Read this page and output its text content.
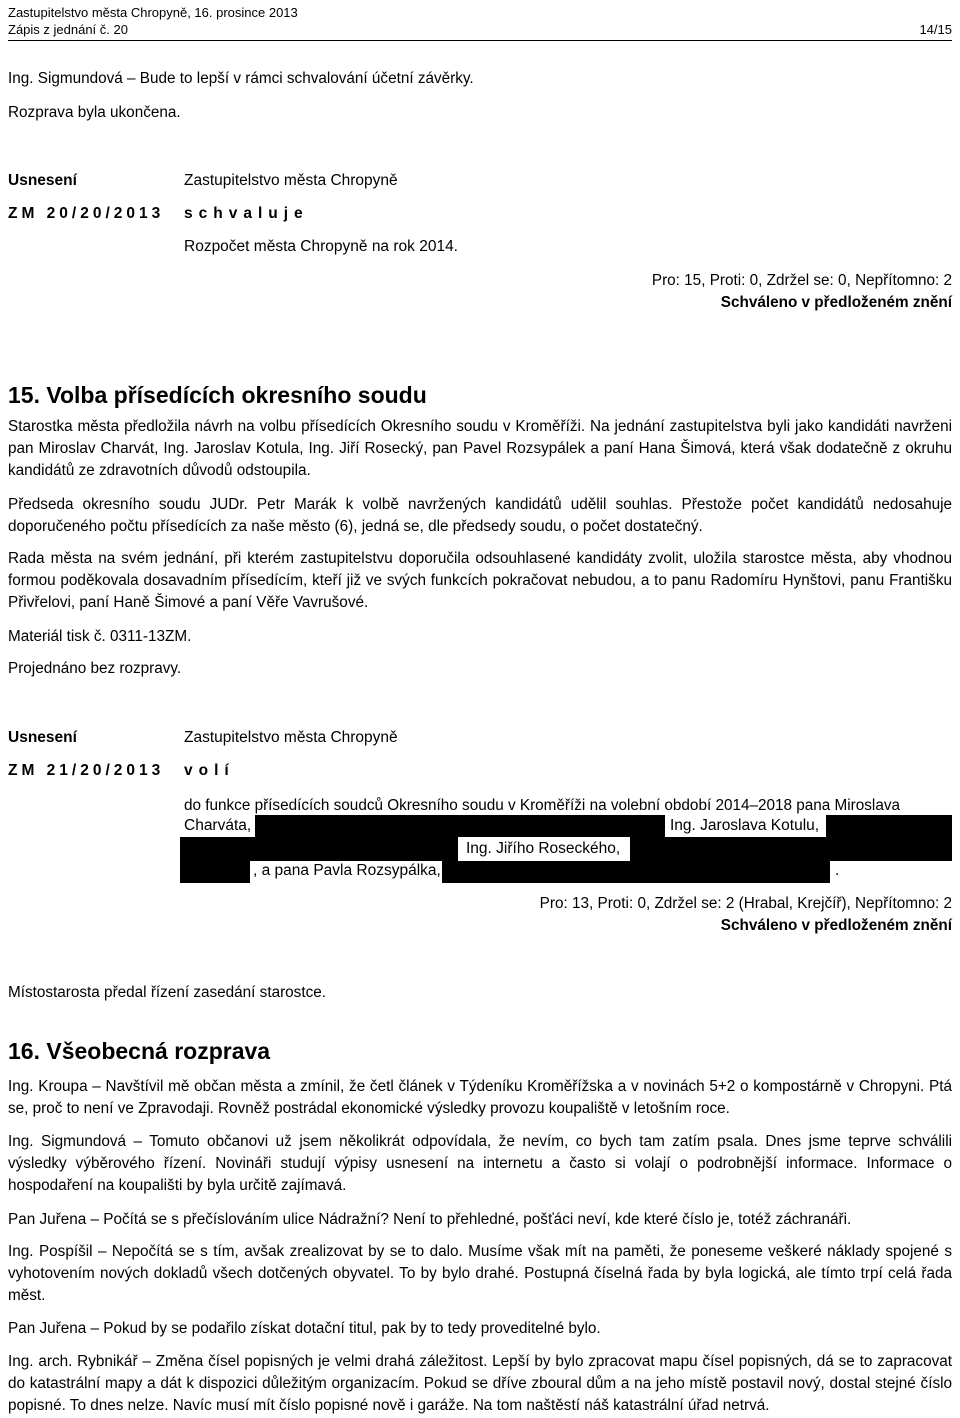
Zastupitelstvo města Chropyně, 16. prosince 2013
Zápis z jednání č. 20	14/15
Ing. Sigmundová – Bude to lepší v rámci schvalování účetní závěrky.
Rozprava byla ukončena.
Usnesení	Zastupitelstvo města Chropyně
ZM 20/20/2013 schvaluje
Rozpočet města Chropyně na rok 2014.
Pro: 15, Proti: 0, Zdržel se: 0, Nepřítomno: 2
Schváleno v předloženém znění
15. Volba přísedících okresního soudu
Starostka města předložila návrh na volbu přísedících Okresního soudu v Kroměříži. Na jednání zastupitelstva byli jako kandidáti navrženi pan Miroslav Charvát, Ing. Jaroslav Kotula, Ing. Jiří Rosecký, pan Pavel Rozsypálek a paní Hana Šimová, která však dodatečně z okruhu kandidátů ze zdravotních důvodů odstoupila.
Předseda okresního soudu JUDr. Petr Marák k volbě navržených kandidátů udělil souhlas. Přestože počet kandidátů nedosahuje doporučeného počtu přísedících za naše město (6), jedná se, dle předsedy soudu, o počet dostatečný.
Rada města na svém jednání, při kterém zastupitelstvu doporučila odsouhlasené kandidáty zvolit, uložila starostce města, aby vhodnou formou poděkovala dosavadním přísedícím, kteří již ve svých funkcích pokračovat nebudou, a to panu Radomíru Hynštovi, panu Františku Přivřelovi, paní Haně Šimové a paní Věře Vavrušové.
Materiál tisk č. 0311-13ZM.
Projednáno bez rozpravy.
Usnesení	Zastupitelstvo města Chropyně
ZM 21/20/2013 volí
do funkce přísedících soudců Okresního soudu v Kroměříži na volební období 2014–2018 pana Miroslava
Charváta,	Ing. Jaroslava Kotulu,
Ing. Jiřího Roseckého,
, a pana Pavla Rozsypálka,	.
Pro: 13, Proti: 0, Zdržel se: 2 (Hrabal, Krejčíř), Nepřítomno: 2
Schváleno v předloženém znění
Místostarosta předal řízení zasedání starostce.
16. Všeobecná rozprava
Ing. Kroupa – Navštívil mě občan města a zmínil, že četl článek v Týdeníku Kroměřížska a v novinách 5+2 o kompostárně v Chropyni. Ptá se, proč to není ve Zpravodaji. Rovněž postrádal ekonomické výsledky provozu koupaliště v letošním roce.
Ing. Sigmundová – Tomuto občanovi už jsem několikrát odpovídala, že nevím, co bych tam zatím psala. Dnes jsme teprve schválili výsledky výběrového řízení. Novináři studují výpisy usnesení na internetu a často si volají o podrobnější informace. Informace o hospodaření na koupališti by byla určitě zajímavá.
Pan Juřena – Počítá se s přečíslováním ulice Nádražní? Není to přehledné, pošťáci neví, kde které číslo je, totéž záchranáři.
Ing. Pospíšil – Nepočítá se s tím, avšak zrealizovat by se to dalo. Musíme však mít na paměti, že poneseme veškeré náklady spojené s vyhotovením nových dokladů všech dotčených obyvatel. To by bylo drahé. Postupná číselná řada by byla logická, ale tímto trpí celá řada měst.
Pan Juřena – Pokud by se podařilo získat dotační titul, pak by to tedy proveditelné bylo.
Ing. arch. Rybnikář – Změna čísel popisných je velmi drahá záležitost. Lepší by bylo zpracovat mapu čísel popisných, dá se to zapracovat do katastrální mapy a dát k dispozici důležitým organizacím. Pokud se dříve zboural dům a na jeho místě postavil nový, dostal stejné číslo popisné. To dnes nelze. Navíc musí mít číslo popisné nově i garáže. Na tom naštěstí náš katastrální úřad netrvá.
